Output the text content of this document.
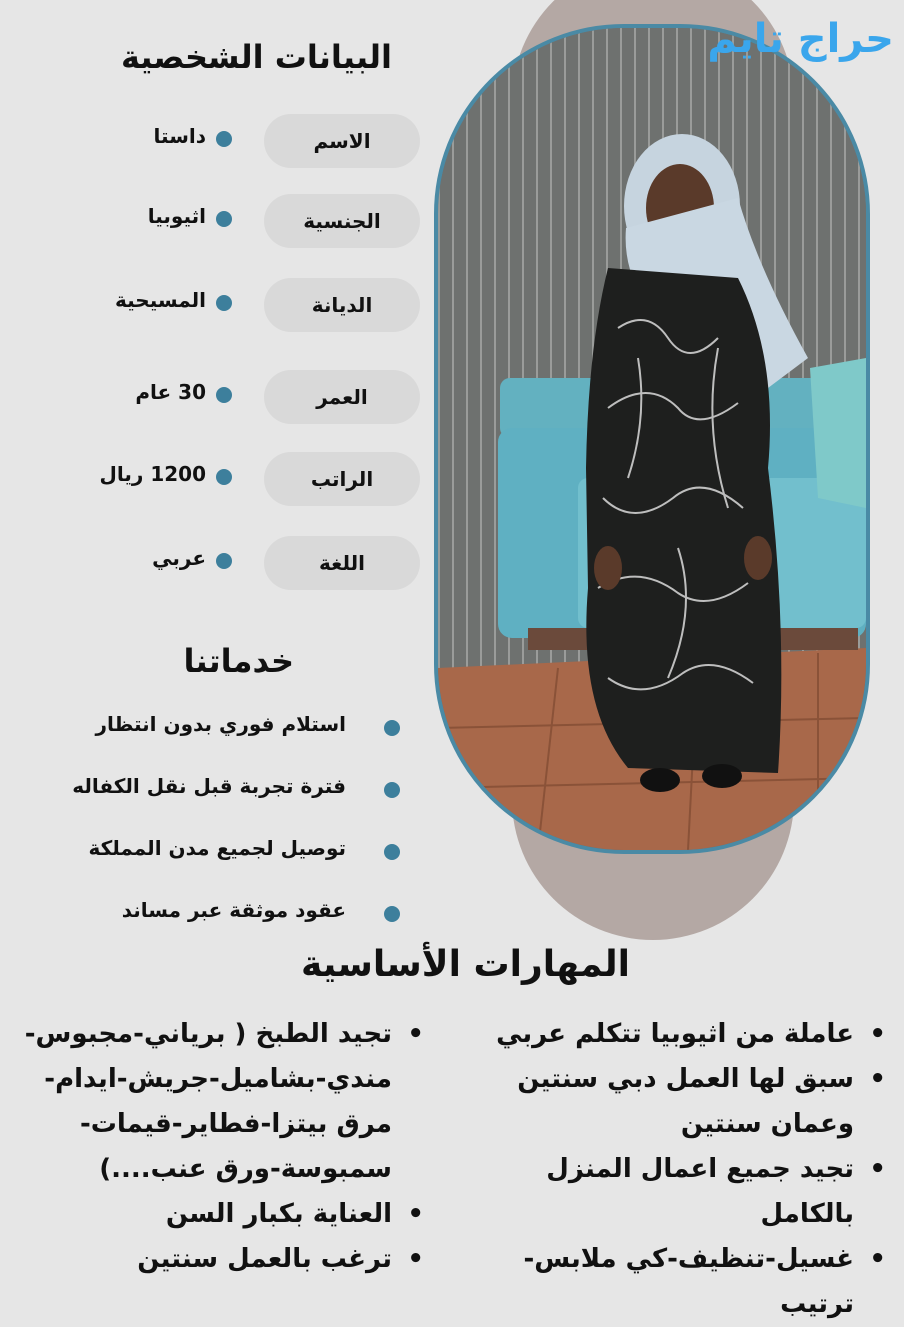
حراج تايم
البيانات الشخصية
الاسم
داستا
الجنسية
اثيوبيا
الديانة
المسيحية
العمر
30 عام
الراتب
1200 ريال
اللغة
عربي
خدماتنا
استلام فوري بدون انتظار
فترة تجربة قبل نقل الكفاله
توصيل لجميع مدن المملكة
عقود موثقة عبر مساند
المهارات الأساسية
• عاملة من اثيوبيا تتكلم عربي
• سبق لها العمل دبي سنتين وعمان سنتين
• تجيد جميع اعمال المنزل بالكامل
• غسيل-تنظيف-كي ملابس-ترتيب
• تجيد الطبخ ( برياني-مجبوس-مندي-بشاميل-جريش-ايدام-مرق بيتزا-فطاير-قيمات-سمبوسة-ورق عنب....)
• العناية بكبار السن
• ترغب بالعمل سنتين
